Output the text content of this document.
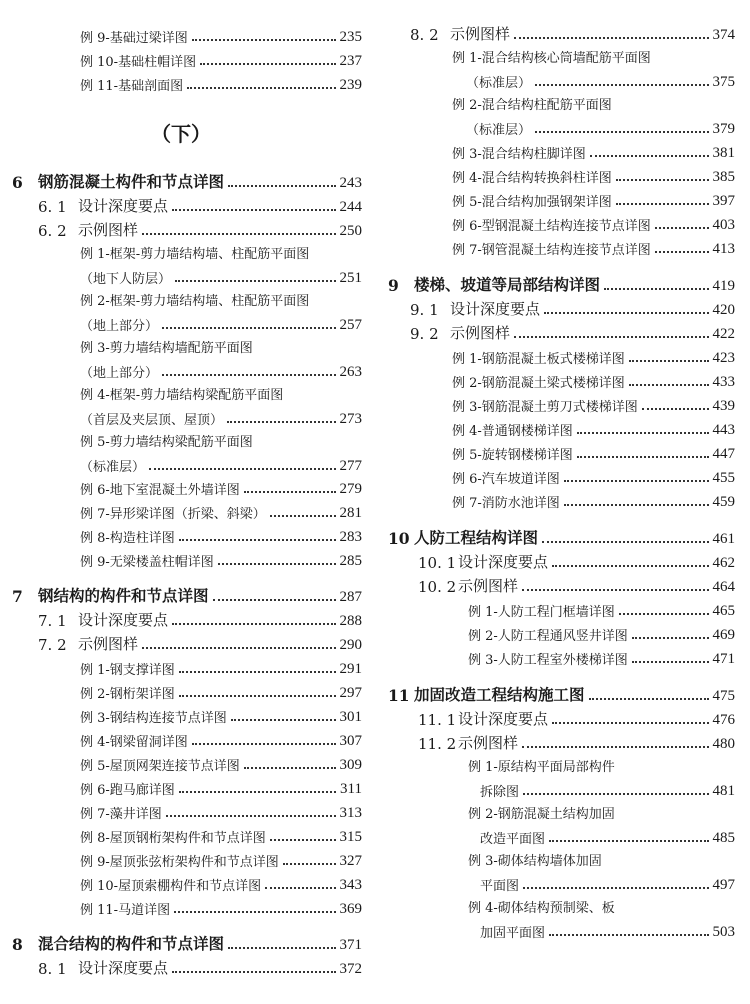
例 9-基础过梁详图	235
例 10-基础柱帽详图	237
例 11-基础剖面图	239
6 钢筋混凝土构件和节点详图	243
6. 1 设计深度要点	244
6. 2 示例图样	250
例 1-框架-剪力墙结构墙、柱配筋平面图
（地下人防层）	251
例 2-框架-剪力墙结构墙、柱配筋平面图
（地上部分）	257
例 3-剪力墙结构墙配筋平面图
（地上部分）	263
例 4-框架-剪力墙结构梁配筋平面图
（首层及夹层顶、屋顶）	273
例 5-剪力墙结构梁配筋平面图
（标准层）	277
例 6-地下室混凝土外墙详图	279
例 7-异形梁详图（折梁、斜梁）	281
例 8-构造柱详图	283
例 9-无梁楼盖柱帽详图	285
7 钢结构的构件和节点详图	287
7. 1 设计深度要点	288
7. 2 示例图样	290
例 1-钢支撑详图	291
例 2-钢桁架详图	297
例 3-钢结构连接节点详图	301
例 4-钢梁留洞详图	307
例 5-屋顶网架连接节点详图	309
例 6-跑马廊详图	311
例 7-藻井详图	313
例 8-屋顶钢桁架构件和节点详图	315
例 9-屋顶张弦桁架构件和节点详图	327
例 10-屋顶索棚构件和节点详图	343
例 11-马道详图	369
8 混合结构的构件和节点详图	371
8. 1 设计深度要点	372
（下）
8. 2 示例图样	374
例 1-混合结构核心筒墙配筋平面图
（标准层）	375
例 2-混合结构柱配筋平面图
（标准层）	379
例 3-混合结构柱脚详图	381
例 4-混合结构转换斜柱详图	385
例 5-混合结构加强钢架详图	397
例 6-型钢混凝土结构连接节点详图	403
例 7-钢管混凝土结构连接节点详图	413
9 楼梯、坡道等局部结构详图	419
9. 1 设计深度要点	420
9. 2 示例图样	422
例 1-钢筋混凝土板式楼梯详图	423
例 2-钢筋混凝土梁式楼梯详图	433
例 3-钢筋混凝土剪刀式楼梯详图	439
例 4-普通钢楼梯详图	443
例 5-旋转钢楼梯详图	447
例 6-汽车坡道详图	455
例 7-消防水池详图	459
10 人防工程结构详图	461
10. 1 设计深度要点	462
10. 2 示例图样	464
例 1-人防工程门框墙详图	465
例 2-人防工程通风竖井详图	469
例 3-人防工程室外楼梯详图	471
11 加固改造工程结构施工图	475
11. 1 设计深度要点	476
11. 2 示例图样	480
例 1-原结构平面局部构件
拆除图	481
例 2-钢筋混凝土结构加固
改造平面图	485
例 3-砌体结构墙体加固
平面图	497
例 4-砌体结构预制梁、板
加固平面图	503
